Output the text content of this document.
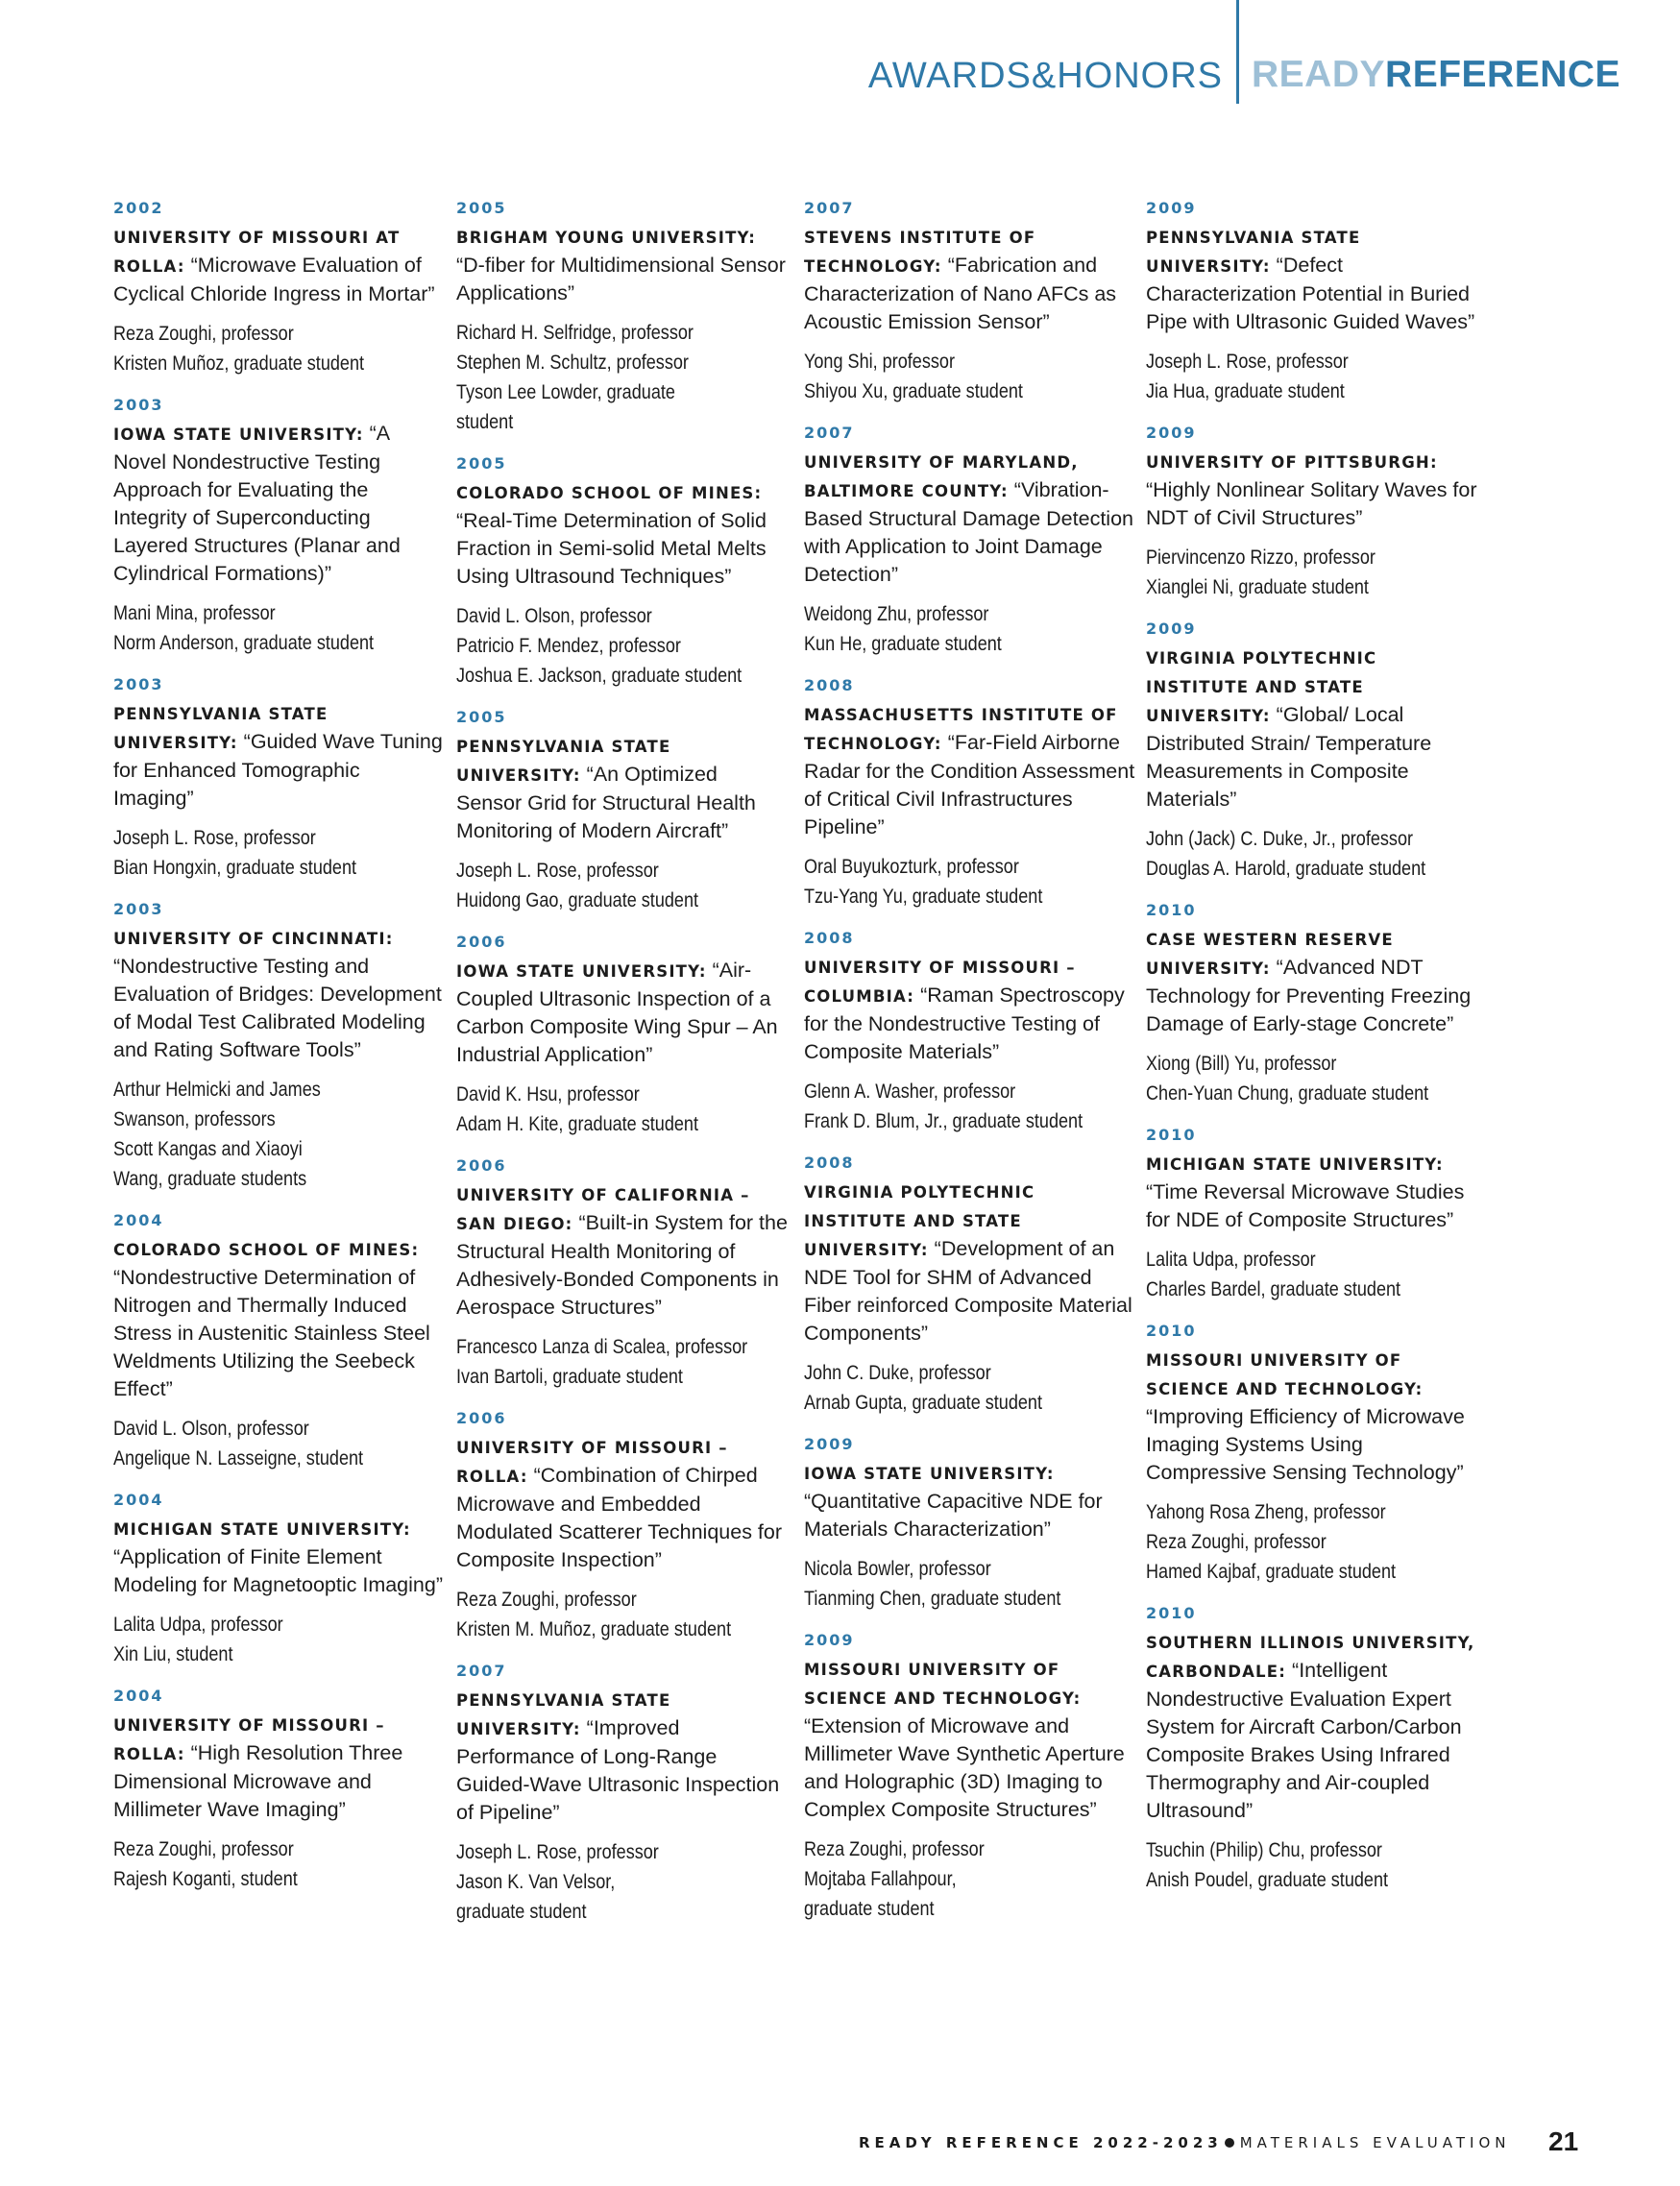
AWARDS&HONORS READYREFERENCE
2002
UNIVERSITY OF MISSOURI AT ROLLA: “Microwave Evaluation of Cyclical Chloride Ingress in Mortar”
Reza Zoughi, professor
Kristen Muñoz, graduate student
2003
IOWA STATE UNIVERSITY: “A Novel Nondestructive Testing Approach for Evaluating the Integrity of Superconducting Layered Structures (Planar and Cylindrical Formations)”
Mani Mina, professor
Norm Anderson, graduate student
2003
PENNSYLVANIA STATE UNIVERSITY: “Guided Wave Tuning for Enhanced Tomographic Imaging”
Joseph L. Rose, professor
Bian Hongxin, graduate student
2003
UNIVERSITY OF CINCINNATI: “Nondestructive Testing and Evaluation of Bridges: Development of Modal Test Calibrated Modeling and Rating Software Tools”
Arthur Helmicki and James
Swanson, professors
Scott Kangas and Xiaoyi
Wang, graduate students
2004
COLORADO SCHOOL OF MINES: “Nondestructive Determination of Nitrogen and Thermally Induced Stress in Austenitic Stainless Steel Weldments Utilizing the Seebeck Effect”
David L. Olson, professor
Angelique N. Lasseigne, student
2004
MICHIGAN STATE UNIVERSITY: “Application of Finite Element Modeling for Magnetooptic Imaging”
Lalita Udpa, professor
Xin Liu, student
2004
UNIVERSITY OF MISSOURI – ROLLA: “High Resolution Three Dimensional Microwave and Millimeter Wave Imaging”
Reza Zoughi, professor
Rajesh Koganti, student
2005
BRIGHAM YOUNG UNIVERSITY: “D-fiber for Multidimensional Sensor Applications”
Richard H. Selfridge, professor
Stephen M. Schultz, professor
Tyson Lee Lowder, graduate
student
2005
COLORADO SCHOOL OF MINES: “Real-Time Determination of Solid Fraction in Semi-solid Metal Melts Using Ultrasound Techniques”
David L. Olson, professor
Patricio F. Mendez, professor
Joshua E. Jackson, graduate student
2005
PENNSYLVANIA STATE UNIVERSITY: “An Optimized Sensor Grid for Structural Health Monitoring of Modern Aircraft”
Joseph L. Rose, professor
Huidong Gao, graduate student
2006
IOWA STATE UNIVERSITY: “Air-Coupled Ultrasonic Inspection of a Carbon Composite Wing Spur – An Industrial Application”
David K. Hsu, professor
Adam H. Kite, graduate student
2006
UNIVERSITY OF CALIFORNIA – SAN DIEGO: “Built-in System for the Structural Health Monitoring of Adhesively-Bonded Components in Aerospace Structures”
Francesco Lanza di Scalea, professor
Ivan Bartoli, graduate student
2006
UNIVERSITY OF MISSOURI – ROLLA: “Combination of Chirped Microwave and Embedded Modulated Scatterer Techniques for Composite Inspection”
Reza Zoughi, professor
Kristen M. Muñoz, graduate student
2007
PENNSYLVANIA STATE UNIVERSITY: “Improved Performance of Long-Range Guided-Wave Ultrasonic Inspection of Pipeline”
Joseph L. Rose, professor
Jason K. Van Velsor,
graduate student
2007
STEVENS INSTITUTE OF TECHNOLOGY: “Fabrication and Characterization of Nano AFCs as Acoustic Emission Sensor”
Yong Shi, professor
Shiyou Xu, graduate student
2007
UNIVERSITY OF MARYLAND, BALTIMORE COUNTY: “Vibration-Based Structural Damage Detection with Application to Joint Damage Detection”
Weidong Zhu, professor
Kun He, graduate student
2008
MASSACHUSETTS INSTITUTE OF TECHNOLOGY: “Far-Field Airborne Radar for the Condition Assessment of Critical Civil Infrastructures Pipeline”
Oral Buyukozturk, professor
Tzu-Yang Yu, graduate student
2008
UNIVERSITY OF MISSOURI – COLUMBIA: “Raman Spectroscopy for the Nondestructive Testing of Composite Materials”
Glenn A. Washer, professor
Frank D. Blum, Jr., graduate student
2008
VIRGINIA POLYTECHNIC INSTITUTE AND STATE UNIVERSITY: “Development of an NDE Tool for SHM of Advanced Fiber reinforced Composite Material Components”
John C. Duke, professor
Arnab Gupta, graduate student
2009
IOWA STATE UNIVERSITY: “Quantitative Capacitive NDE for Materials Characterization”
Nicola Bowler, professor
Tianming Chen, graduate student
2009
MISSOURI UNIVERSITY OF SCIENCE AND TECHNOLOGY: “Extension of Microwave and Millimeter Wave Synthetic Aperture and Holographic (3D) Imaging to Complex Composite Structures”
Reza Zoughi, professor
Mojtaba Fallahpour,
graduate student
2009
PENNSYLVANIA STATE UNIVERSITY: “Defect Characterization Potential in Buried Pipe with Ultrasonic Guided Waves”
Joseph L. Rose, professor
Jia Hua, graduate student
2009
UNIVERSITY OF PITTSBURGH: “Highly Nonlinear Solitary Waves for NDT of Civil Structures”
Piervincenzo Rizzo, professor
Xianglei Ni, graduate student
2009
VIRGINIA POLYTECHNIC INSTITUTE AND STATE UNIVERSITY: “Global/ Local Distributed Strain/ Temperature Measurements in Composite Materials”
John (Jack) C. Duke, Jr., professor
Douglas A. Harold, graduate student
2010
CASE WESTERN RESERVE UNIVERSITY: “Advanced NDT Technology for Preventing Freezing Damage of Early-stage Concrete”
Xiong (Bill) Yu, professor
Chen-Yuan Chung, graduate student
2010
MICHIGAN STATE UNIVERSITY: “Time Reversal Microwave Studies for NDE of Composite Structures”
Lalita Udpa, professor
Charles Bardel, graduate student
2010
MISSOURI UNIVERSITY OF SCIENCE AND TECHNOLOGY: “Improving Efficiency of Microwave Imaging Systems Using Compressive Sensing Technology”
Yahong Rosa Zheng, professor
Reza Zoughi, professor
Hamed Kajbaf, graduate student
2010
SOUTHERN ILLINOIS UNIVERSITY, CARBONDALE: “Intelligent Nondestructive Evaluation Expert System for Aircraft Carbon/Carbon Composite Brakes Using Infrared Thermography and Air-coupled Ultrasound”
Tsuchin (Philip) Chu, professor
Anish Poudel, graduate student
READY REFERENCE 2022-2023 MATERIALS EVALUATION 21
